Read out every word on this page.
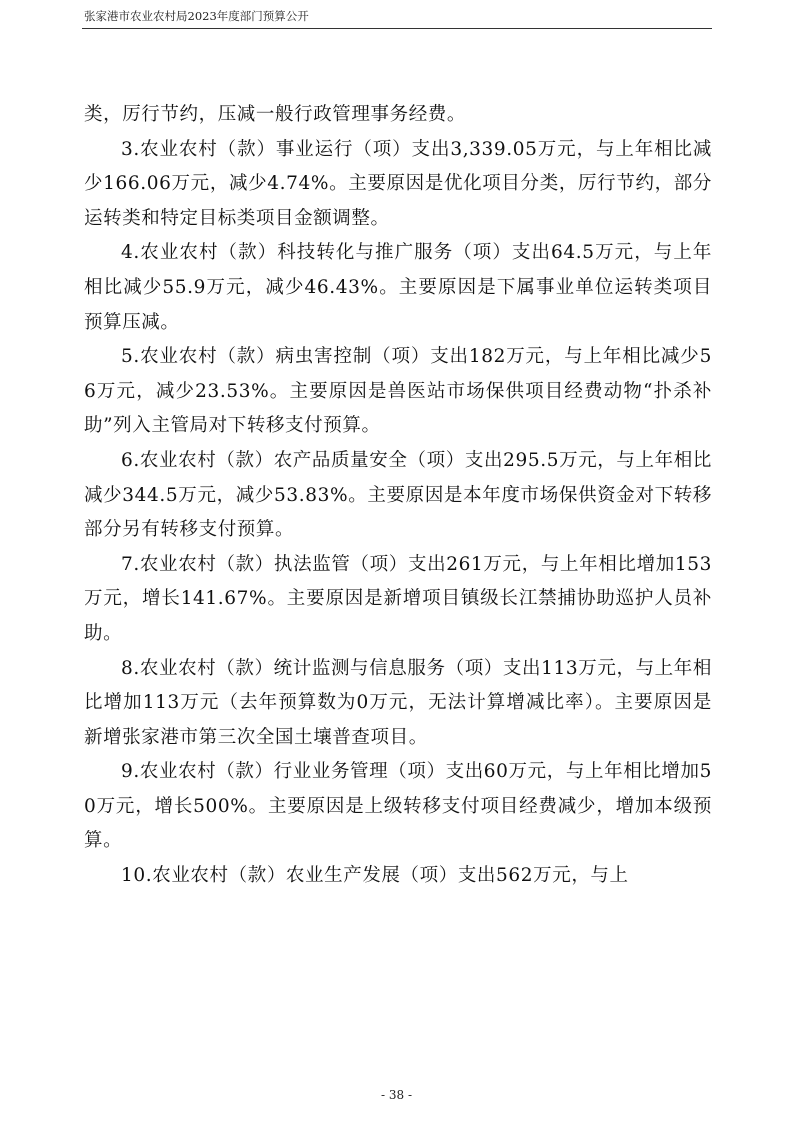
张家港市农业农村局2023年度部门预算公开

类，厉行节约，压减一般行政管理事务经费。

3.农业农村（款）事业运行（项）支出3,339.05万元，与上年相比减少166.06万元，减少4.74%。主要原因是优化项目分类，厉行节约，部分运转类和特定目标类项目金额调整。

4.农业农村（款）科技转化与推广服务（项）支出64.5万元，与上年相比减少55.9万元，减少46.43%。主要原因是下属事业单位运转类项目预算压减。

5.农业农村（款）病虫害控制（项）支出182万元，与上年相比减少56万元，减少23.53%。主要原因是兽医站市场保供项目经费动物“扑杀补助”列入主管局对下转移支付预算。

6.农业农村（款）农产品质量安全（项）支出295.5万元，与上年相比减少344.5万元，减少53.83%。主要原因是本年度市场保供资金对下转移部分另有转移支付预算。

7.农业农村（款）执法监管（项）支出261万元，与上年相比增加153万元，增长141.67%。主要原因是新增项目镇级长江禁捕协助巡护人员补助。

8.农业农村（款）统计监测与信息服务（项）支出113万元，与上年相比增加113万元（去年预算数为0万元，无法计算增减比率）。主要原因是新增张家港市第三次全国土壤普查项目。

9.农业农村（款）行业业务管理（项）支出60万元，与上年相比增加50万元，增长500%。主要原因是上级转移支付项目经费减少，增加本级预算。

10.农业农村（款）农业生产发展（项）支出562万元，与上

- 38 -
